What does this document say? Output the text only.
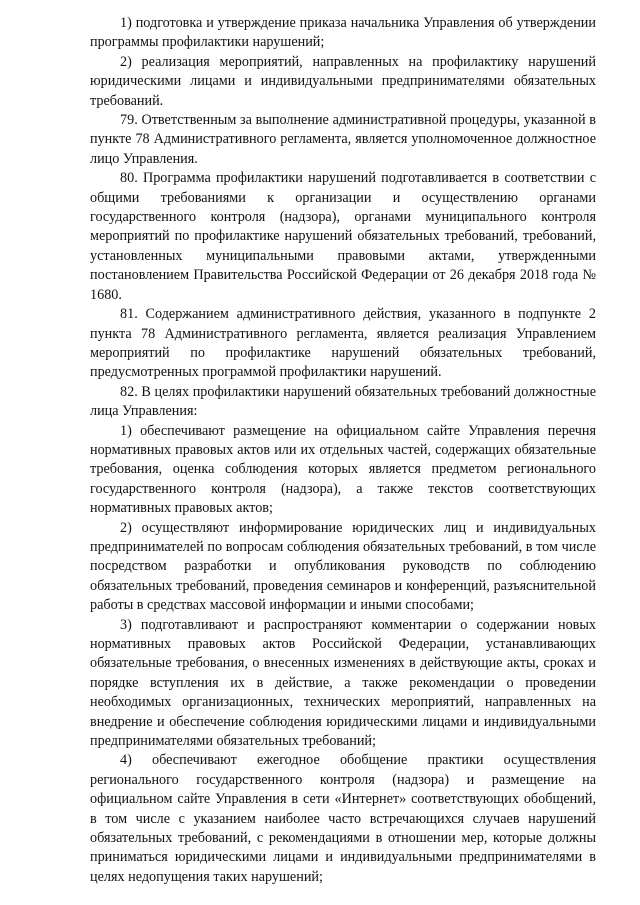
1) подготовка и утверждение приказа начальника Управления об утверждении программы профилактики нарушений;

2) реализация мероприятий, направленных на профилактику нарушений юридическими лицами и индивидуальными предпринимателями обязательных требований.

79. Ответственным за выполнение административной процедуры, указанной в пункте 78 Административного регламента, является уполномоченное должностное лицо Управления.

80. Программа профилактики нарушений подготавливается в соответствии с общими требованиями к организации и осуществлению органами государственного контроля (надзора), органами муниципального контроля мероприятий по профилактике нарушений обязательных требований, требований, установленных муниципальными правовыми актами, утвержденными постановлением Правительства Российской Федерации от 26 декабря 2018 года № 1680.

81. Содержанием административного действия, указанного в подпункте 2 пункта 78 Административного регламента, является реализация Управлением мероприятий по профилактике нарушений обязательных требований, предусмотренных программой профилактики нарушений.

82. В целях профилактики нарушений обязательных требований должностные лица Управления:

1) обеспечивают размещение на официальном сайте Управления перечня нормативных правовых актов или их отдельных частей, содержащих обязательные требования, оценка соблюдения которых является предметом регионального государственного контроля (надзора), а также текстов соответствующих нормативных правовых актов;

2) осуществляют информирование юридических лиц и индивидуальных предпринимателей по вопросам соблюдения обязательных требований, в том числе посредством разработки и опубликования руководств по соблюдению обязательных требований, проведения семинаров и конференций, разъяснительной работы в средствах массовой информации и иными способами;

3) подготавливают и распространяют комментарии о содержании новых нормативных правовых актов Российской Федерации, устанавливающих обязательные требования, о внесенных изменениях в действующие акты, сроках и порядке вступления их в действие, а также рекомендации о проведении необходимых организационных, технических мероприятий, направленных на внедрение и обеспечение соблюдения юридическими лицами и индивидуальными предпринимателями обязательных требований;

4) обеспечивают ежегодное обобщение практики осуществления регионального государственного контроля (надзора) и размещение на официальном сайте Управления в сети «Интернет» соответствующих обобщений, в том числе с указанием наиболее часто встречающихся случаев нарушений обязательных требований, с рекомендациями в отношении мер, которые должны приниматься юридическими лицами и индивидуальными предпринимателями в целях недопущения таких нарушений;
